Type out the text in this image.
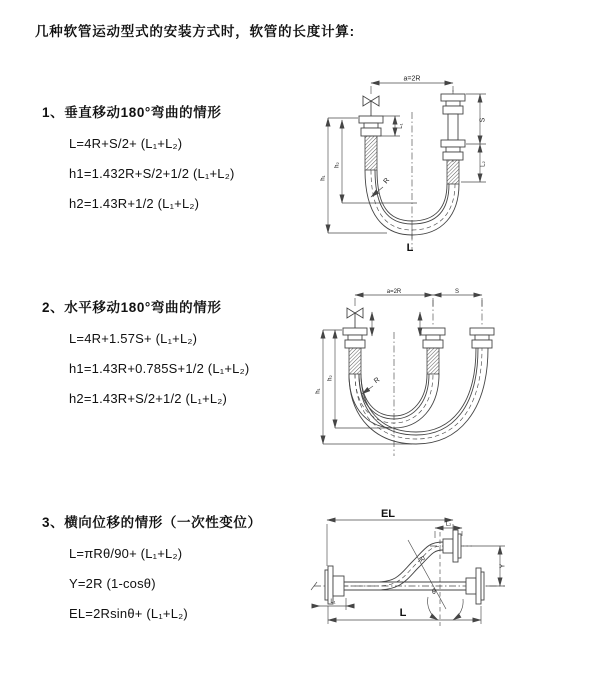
几种软管运动型式的安装方式时，软管的长度计算:
1、垂直移动180°弯曲的情形
L=4R+S/2+ (L₁+L₂)
h1=1.432R+S/2+1/2 (L₁+L₂)
h2=1.43R+1/2 (L₁+L₂)
2、水平移动180°弯曲的情形
L=4R+1.57S+ (L₁+L₂)
h1=1.43R+0.785S+1/2 (L₁+L₂)
h2=1.43R+S/2+1/2 (L₁+L₂)
3、横向位移的情形（一次性变位）
L=πRθ/90+ (L₁+L₂)
Y=2R (1-cosθ)
EL=2Rsinθ+ (L₁+L₂)
a=2R
h₁
h₂
L₁
S
L₂
R
L
a=2R	S
h₁
h₂	R
EL
L₂
Y
R
θ
L₁
L
